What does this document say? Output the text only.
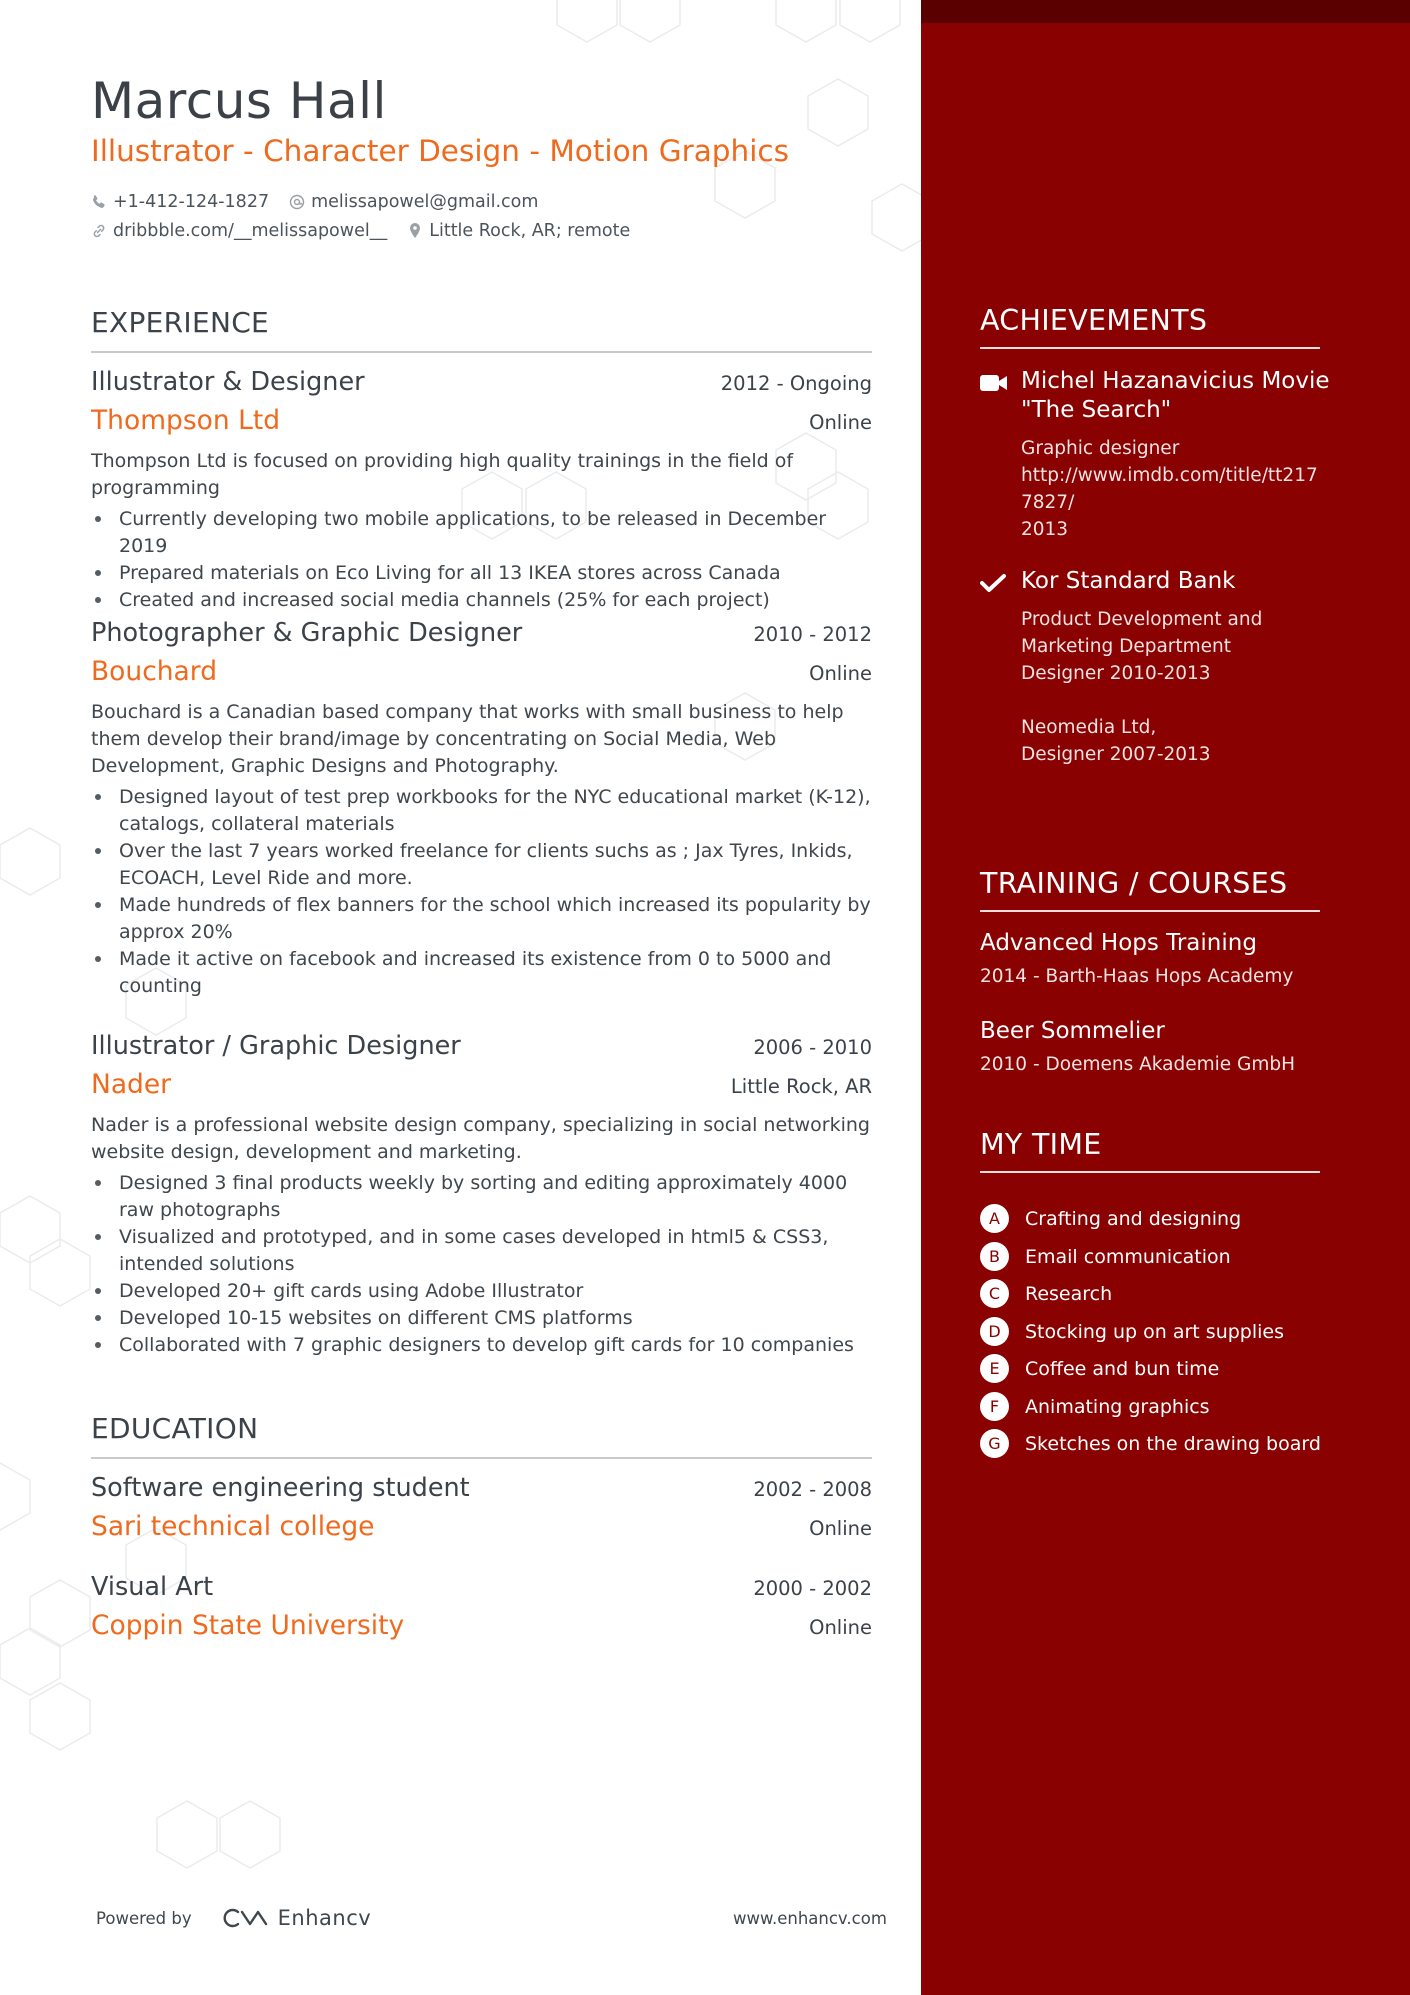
Marcus Hall
Illustrator - Character Design - Motion Graphics
+1-412-124-1827 melissapowel@gmail.com
dribbble.com/__melissapowel__ Little Rock, AR; remote
EXPERIENCE
Illustrator & Designer	2012 - Ongoing
Thompson Ltd	Online
Thompson Ltd is focused on providing high quality trainings in the field of programming
Currently developing two mobile applications, to be released in December 2019
Prepared materials on Eco Living for all 13 IKEA stores across Canada
Created and increased social media channels (25% for each project)
Photographer & Graphic Designer	2010 - 2012
Bouchard	Online
Bouchard is a Canadian based company that works with small business to help them develop their brand/image by concentrating on Social Media, Web Development, Graphic Designs and Photography.
Designed layout of test prep workbooks for the NYC educational market (K-12), catalogs, collateral materials
Over the last 7 years worked freelance for clients suchs as ; Jax Tyres, Inkids, ECOACH, Level Ride and more.
Made hundreds of flex banners for the school which increased its popularity by approx 20%
Made it active on facebook and increased its existence from 0 to 5000 and counting
Illustrator / Graphic Designer	2006 - 2010
Nader	Little Rock, AR
Nader is a professional website design company, specializing in social networking website design, development and marketing.
Designed 3 final products weekly by sorting and editing approximately 4000 raw photographs
Visualized and prototyped, and in some cases developed in html5 & CSS3, intended solutions
Developed 20+ gift cards using Adobe Illustrator
Developed 10-15 websites on different CMS platforms
Collaborated with 7 graphic designers to develop gift cards for 10 companies
EDUCATION
Software engineering student	2002 - 2008
Sari technical college	Online
Visual Art	2000 - 2002
Coppin State University	Online
Powered by	Enhancv	www.enhancv.com
ACHIEVEMENTS
Michel Hazanavicius Movie "The Search"
Graphic designer
http://www.imdb.com/title/tt217
7827/
2013
Kor Standard Bank
Product Development and
Marketing Department
Designer 2010-2013

Neomedia Ltd,
Designer 2007-2013
TRAINING / COURSES
Advanced Hops Training
2014 - Barth-Haas Hops Academy
Beer Sommelier
2010 - Doemens Akademie GmbH
MY TIME
A	Crafting and designing
B	Email communication
C	Research
D	Stocking up on art supplies
E	Coffee and bun time
F	Animating graphics
G	Sketches on the drawing board
